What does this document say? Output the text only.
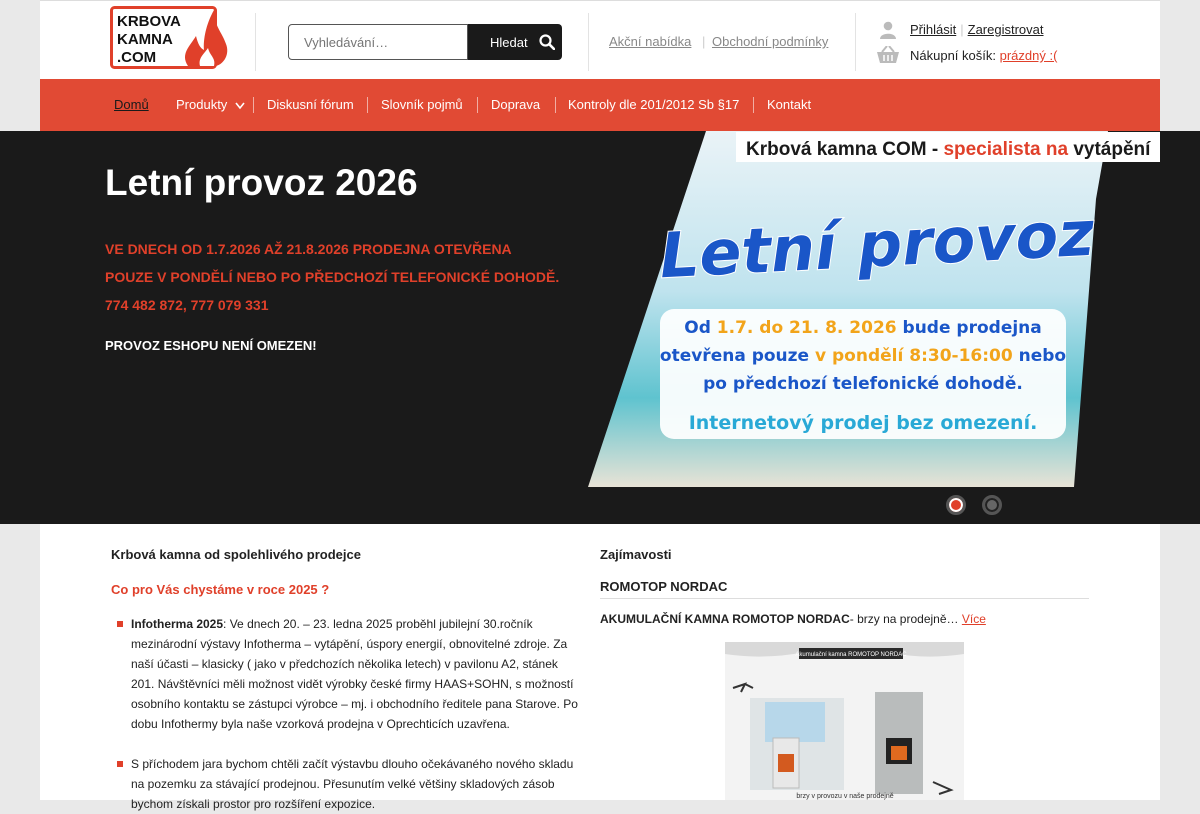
KRBOVA
KAMNA
.COM
Vyhledávání…
Hledat	Akční nabídka | Obchodní podmínky
Přihlásit | Zaregistrovat
Nákupní košík: prázdný :(
Domů Produkty	Diskusní fórum Slovník pojmů Doprava Kontroly dle 201/2012 Sb §17 Kontakt
Letní provoz 2026
VE DNECH OD 1.7.2026 AŽ 21.8.2026 PRODEJNA OTEVŘENA
POUZE V PONDĚLÍ NEBO PO PŘEDCHOZÍ TELEFONICKÉ DOHODĚ.
774 482 872, 777 079 331
PROVOZ ESHOPU NENÍ OMEZEN!
Letní provoz
Od 1.7. do 21. 8. 2026 bude prodejna
otevřena pouze v pondělí 8:30-16:00 nebo
po předchozí telefonické dohodě.
Internetový prodej bez omezení.
Krbová kamna COM - specialista na vytápění
Krbová kamna od spolehlivého prodejce
Co pro Vás chystáme v roce 2025 ?
Infotherma 2025: Ve dnech 20. – 23. ledna 2025 proběhl jubilejní 30.ročník mezinárodní výstavy Infotherma – vytápění, úspory energií, obnovitelné zdroje. Za naší účasti – klasicky ( jako v předchozích několika letech) v pavilonu A2, stánek 201. Návštěvníci měli možnost vidět výrobky české firmy HAAS+SOHN, s možností osobního kontaktu se zástupci výrobce – mj. i obchodního ředitele pana Starove. Po dobu Infothermy byla naše vzorková prodejna v Oprechticích uzavřena.
S příchodem jara bychom chtěli začít výstavbu dlouho očekávaného nového skladu na pozemku za stávající prodejnou. Přesunutím velké většiny skladových zásob bychom získali prostor pro rozšíření expozice.
Zajímavosti
ROMOTOP NORDAC
AKUMULAČNÍ KAMNA ROMOTOP NORDAC- brzy na prodejně… Více
Akumulační kamna ROMOTOP NORDAC
brzy v provozu v naše prodejně
